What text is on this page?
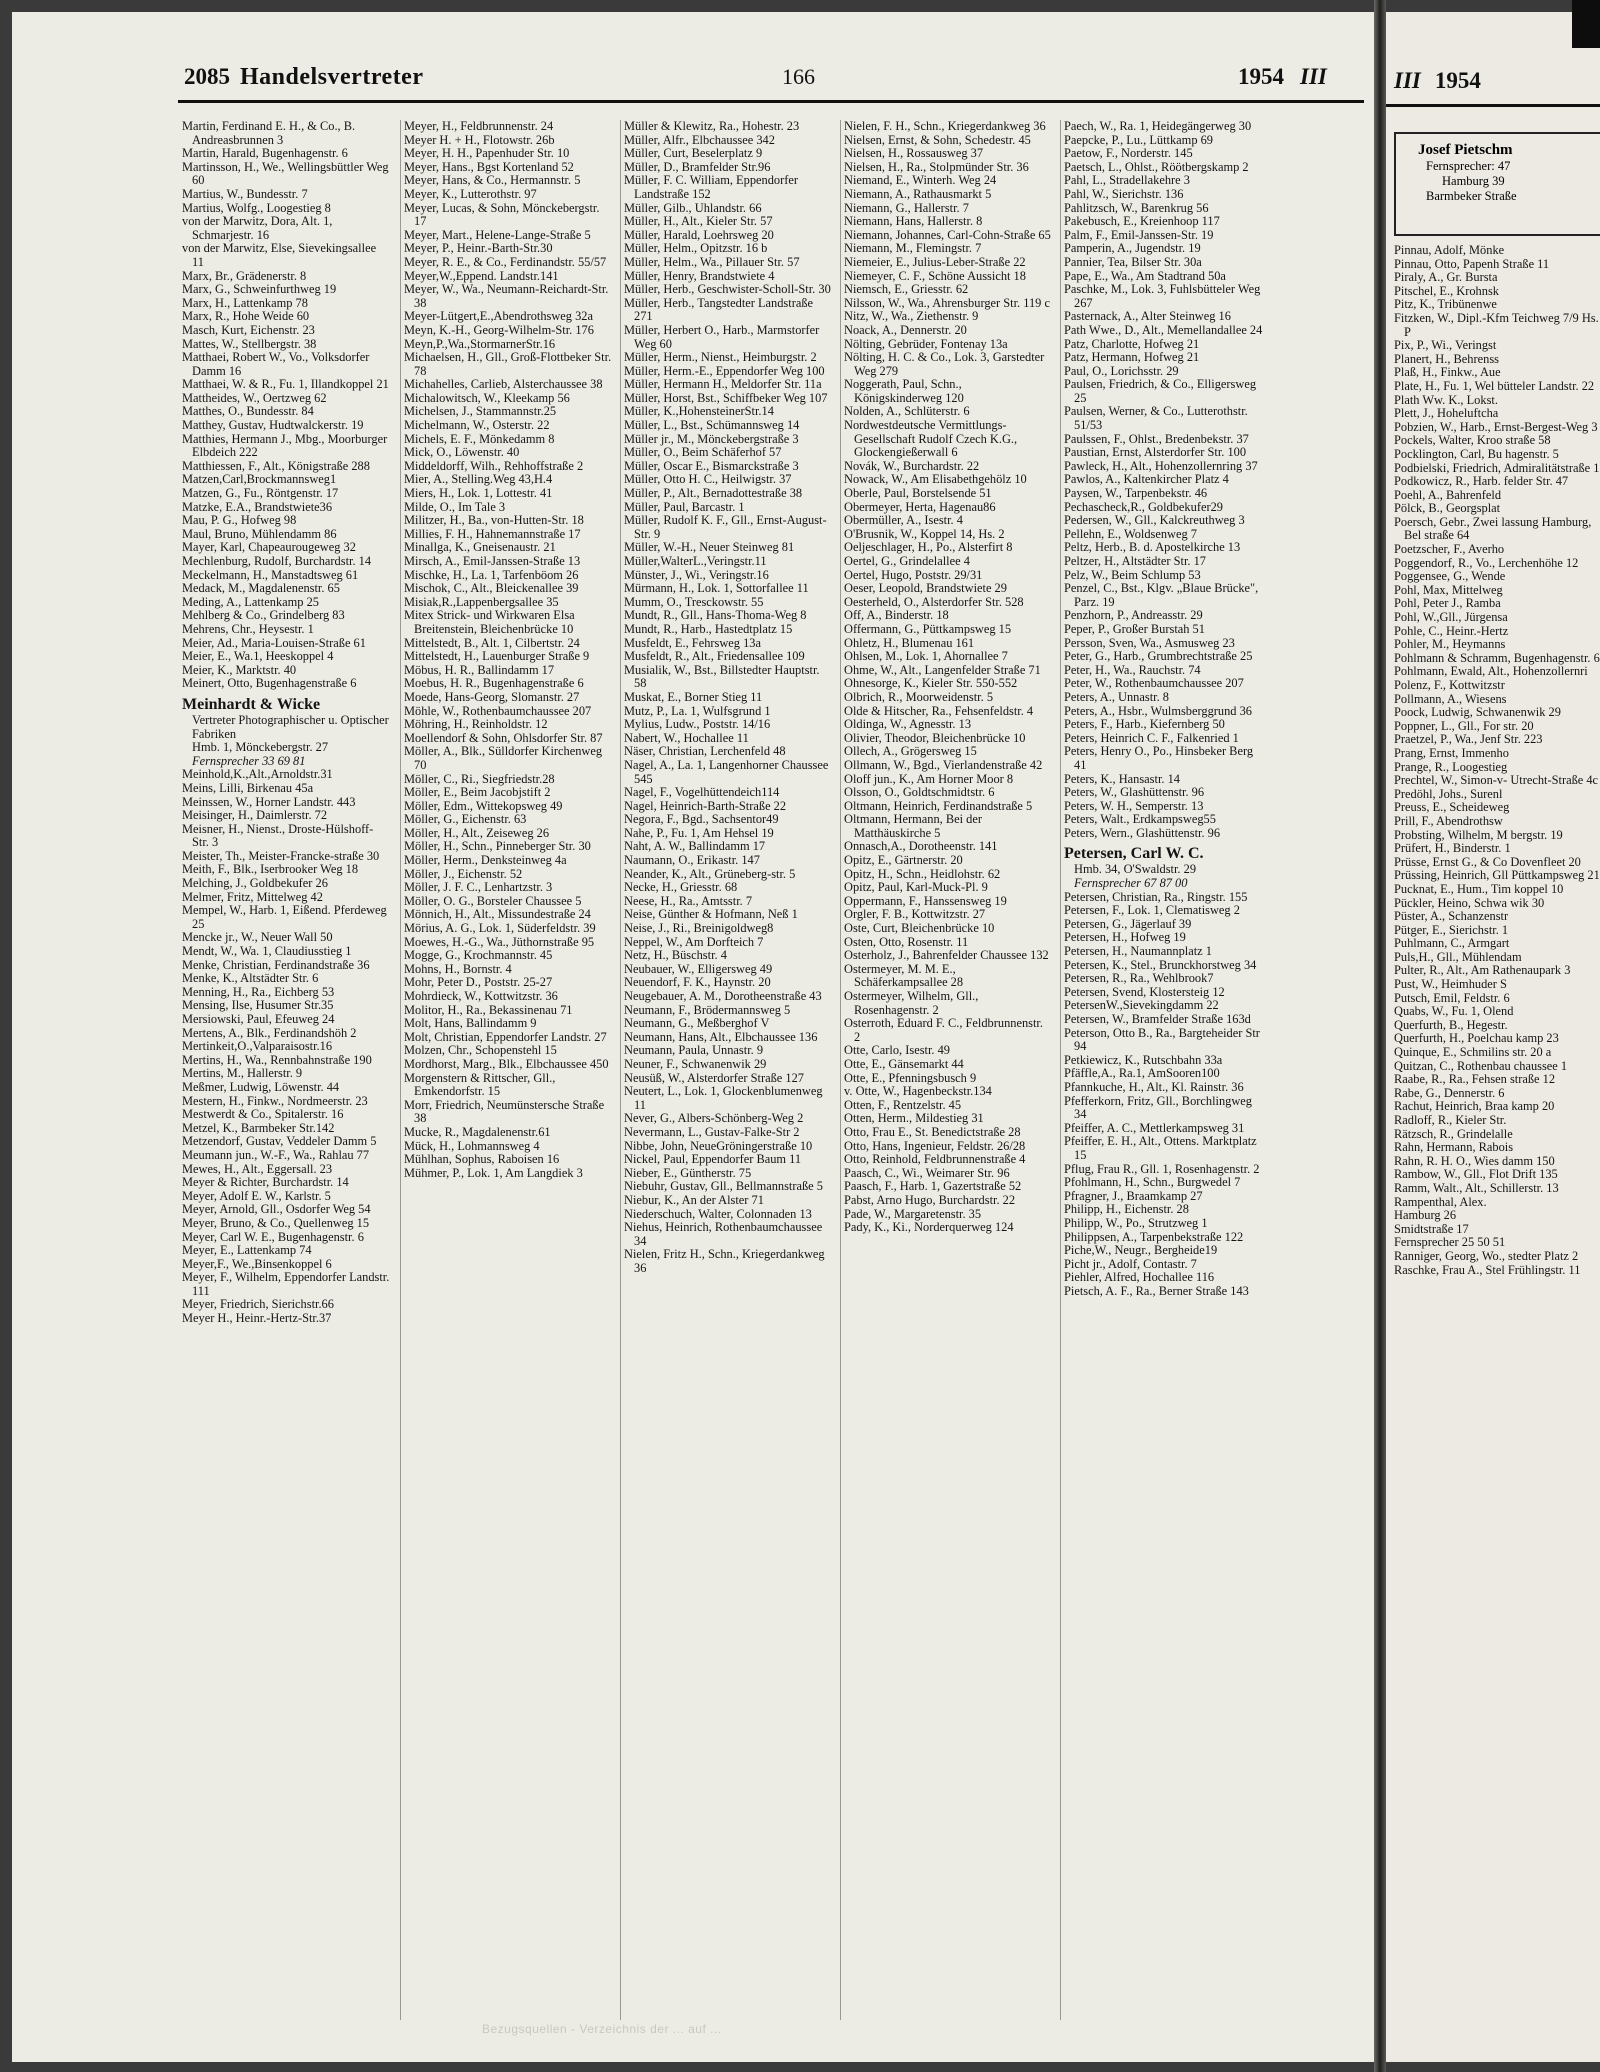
2085 Handelsvertreter	166	1954 III

Martin, Ferdinand E. H., & Co., B. Andreasbrunnen 3

Martin, Harald, Bugenhagenstr. 6

Martinsson, H., We., Wellingsbüttler Weg 60

Martius, W., Bundesstr. 7

Martius, Wolfg., Loogestieg 8

von der Marwitz, Dora, Alt. 1, Schmarjestr. 16

von der Marwitz, Else, Sievekingsallee 11

Marx, Br., Grädenerstr. 8

Marx, G., Schweinfurthweg 19

Marx, H., Lattenkamp 78

Marx, R., Hohe Weide 60

Masch, Kurt, Eichenstr. 23

Mattes, W., Stellbergstr. 38

Matthaei, Robert W., Vo., Volksdorfer Damm 16

Matthaei, W. & R., Fu. 1, Illandkoppel 21

Mattheides, W., Oertzweg 62

Matthes, O., Bundesstr. 84

Matthey, Gustav, Hudtwalckerstr. 19

Matthies, Hermann J., Mbg., Moorburger Elbdeich 222

Matthiessen, F., Alt., Königstraße 288

Matzen,Carl,Brockmannsweg1

Matzen, G., Fu., Röntgenstr. 17

Matzke, E.A., Brandstwiete36

Mau, P. G., Hofweg 98

Maul, Bruno, Mühlendamm 86

Mayer, Karl, Chapeaurougeweg 32

Mechlenburg, Rudolf, Burchardstr. 14

Meckelmann, H., Manstadtsweg 61

Medack, M., Magdalenenstr. 65

Meding, A., Lattenkamp 25

Mehlberg & Co., Grindelberg 83

Mehrens, Chr., Heysestr. 1

Meier, Ad., Maria-Louisen-Straße 61

Meier, E., Wa.1, Heeskoppel 4

Meier, K., Marktstr. 40

Meinert, Otto, Bugenhagenstraße 6

Meinhardt & Wicke

Vertreter Photographischer u. Optischer Fabriken

Hmb. 1, Mönckebergstr. 27

Fernsprecher 33 69 81

Meinhold,K.,Alt.,Arnoldstr.31

Meins, Lilli, Birkenau 45a

Meinssen, W., Horner Landstr. 443

Meisinger, H., Daimlerstr. 72

Meisner, H., Nienst., Droste-Hülshoff-Str. 3

Meister, Th., Meister-Francke-straße 30

Meith, F., Blk., Iserbrooker Weg 18

Melching, J., Goldbekufer 26

Melmer, Fritz, Mittelweg 42

Mempel, W., Harb. 1, Eißend. Pferdeweg 25

Mencke jr., W., Neuer Wall 50

Mendt, W., Wa. 1, Claudiusstieg 1

Menke, Christian, Ferdinandstraße 36

Menke, K., Altstädter Str. 6

Menning, H., Ra., Eichberg 53

Mensing, Ilse, Husumer Str.35

Mersiowski, Paul, Efeuweg 24

Mertens, A., Blk., Ferdinandshöh 2

Mertinkeit,O.,Valparaisostr.16

Mertins, H., Wa., Rennbahnstraße 190

Mertins, M., Hallerstr. 9

Meßmer, Ludwig, Löwenstr. 44

Mestern, H., Finkw., Nordmeerstr. 23

Mestwerdt & Co., Spitalerstr. 16

Metzel, K., Barmbeker Str.142

Metzendorf, Gustav, Veddeler Damm 5

Meumann jun., W.-F., Wa., Rahlau 77

Mewes, H., Alt., Eggersall. 23

Meyer & Richter, Burchardstr. 14

Meyer, Adolf E. W., Karlstr. 5

Meyer, Arnold, Gll., Osdorfer Weg 54

Meyer, Bruno, & Co., Quellenweg 15

Meyer, Carl W. E., Bugenhagenstr. 6

Meyer, E., Lattenkamp 74

Meyer,F., We.,Binsenkoppel 6

Meyer, F., Wilhelm, Eppendorfer Landstr. 111

Meyer, Friedrich, Sierichstr.66

Meyer H., Heinr.-Hertz-Str.37

Meyer, H., Feldbrunnenstr. 24

Meyer H. + H., Flotowstr. 26b

Meyer, H. H., Papenhuder Str. 10

Meyer, Hans., Bgst Kortenland 52

Meyer, Hans, & Co., Hermannstr. 5

Meyer, K., Lutterothstr. 97

Meyer, Lucas, & Sohn, Mönckebergstr. 17

Meyer, Mart., Helene-Lange-Straße 5

Meyer, P., Heinr.-Barth-Str.30

Meyer, R. E., & Co., Ferdinandstr. 55/57

Meyer,W.,Eppend. Landstr.141

Meyer, W., Wa., Neumann-Reichardt-Str. 38

Meyer-Lütgert,E.,Abendrothsweg 32a

Meyn, K.-H., Georg-Wilhelm-Str. 176

Meyn,P.,Wa.,StormarnerStr.16

Michaelsen, H., Gll., Groß-Flottbeker Str. 78

Michahelles, Carlieb, Alsterchaussee 38

Michalowitsch, W., Kleekamp 56

Michelsen, J., Stammannstr.25

Michelmann, W., Osterstr. 22

Michels, E. F., Mönkedamm 8

Mick, O., Löwenstr. 40

Middeldorff, Wilh., Rehhoffstraße 2

Mier, A., Stelling.Weg 43,H.4

Miers, H., Lok. 1, Lottestr. 41

Milde, O., Im Tale 3

Militzer, H., Ba., von-Hutten-Str. 18

Millies, F. H., Hahnemannstraße 17

Minallga, K., Gneisenaustr. 21

Mirsch, A., Emil-Janssen-Straße 13

Mischke, H., La. 1, Tarfenböom 26

Mischok, C., Alt., Bleickenallee 39

Misiak,R.,Lappenbergsallee 35

Mitex Strick- und Wirkwaren Elsa Breitenstein, Bleichenbrücke 10

Mittelstedt, B., Alt. 1, Cilbertstr. 24

Mittelstedt, H., Lauenburger Straße 9

Möbus, H. R., Ballindamm 17

Moebus, H. R., Bugenhagenstraße 6

Moede, Hans-Georg, Slomanstr. 27

Möhle, W., Rothenbaumchaussee 207

Möhring, H., Reinholdstr. 12

Moellendorf & Sohn, Ohlsdorfer Str. 87

Möller, A., Blk., Sülldorfer Kirchenweg 70

Möller, C., Ri., Siegfriedstr.28

Möller, E., Beim Jacobjstift 2

Möller, Edm., Wittekopsweg 49

Möller, G., Eichenstr. 63

Möller, H., Alt., Zeiseweg 26

Möller, H., Schn., Pinneberger Str. 30

Möller, Herm., Denksteinweg 4a

Möller, J., Eichenstr. 52

Möller, J. F. C., Lenhartzstr. 3

Möller, O. G., Borsteler Chaussee 5

Mönnich, H., Alt., Missundestraße 24

Mörius, A. G., Lok. 1, Süderfeldstr. 39

Moewes, H.-G., Wa., Jüthornstraße 95

Mogge, G., Krochmannstr. 45

Mohns, H., Bornstr. 4

Mohr, Peter D., Poststr. 25-27

Mohrdieck, W., Kottwitzstr. 36

Molitor, H., Ra., Bekassinenau 71

Molt, Hans, Ballindamm 9

Molt, Christian, Eppendorfer Landstr. 27

Molzen, Chr., Schopenstehl 15

Mordhorst, Marg., Blk., Elbchaussee 450

Morgenstern & Rittscher, Gll., Emkendorfstr. 15

Morr, Friedrich, Neumünstersche Straße 38

Mucke, R., Magdalenenstr.61

Mück, H., Lohmannsweg 4

Mühlhan, Sophus, Raboisen 16

Mühmer, P., Lok. 1, Am Langdiek 3

Müller & Klewitz, Ra., Hohestr. 23

Müller, Alfr., Elbchaussee 342

Müller, Curt, Beselerplatz 9

Müller, D., Bramfelder Str.96

Müller, F. C. William, Eppendorfer Landstraße 152

Müller, Gilb., Uhlandstr. 66

Müller, H., Alt., Kieler Str. 57

Müller, Harald, Loehrsweg 20

Müller, Helm., Opitzstr. 16 b

Müller, Helm., Wa., Pillauer Str. 57

Müller, Henry, Brandstwiete 4

Müller, Herb., Geschwister-Scholl-Str. 30

Müller, Herb., Tangstedter Landstraße 271

Müller, Herbert O., Harb., Marmstorfer Weg 60

Müller, Herm., Nienst., Heimburgstr. 2

Müller, Herm.-E., Eppendorfer Weg 100

Müller, Hermann H., Meldorfer Str. 11a

Müller, Horst, Bst., Schiffbeker Weg 107

Müller, K.,HohensteinerStr.14

Müller, L., Bst., Schümannsweg 14

Müller jr., M., Mönckebergstraße 3

Müller, O., Beim Schäferhof 57

Müller, Oscar E., Bismarckstraße 3

Müller, Otto H. C., Heilwigstr. 37

Müller, P., Alt., Bernadottestraße 38

Müller, Paul, Barcastr. 1

Müller, Rudolf K. F., Gll., Ernst-August-Str. 9

Müller, W.-H., Neuer Steinweg 81

Müller,WalterL.,Veringstr.11

Münster, J., Wi., Veringstr.16

Mürmann, H., Lok. 1, Sottorfallee 11

Mumm, O., Tresckowstr. 55

Mundt, R., Gll., Hans-Thoma-Weg 8

Mundt, R., Harb., Hastedtplatz 15

Musfeldt, E., Fehrsweg 13a

Musfeldt, R., Alt., Friedensallee 109

Musialik, W., Bst., Billstedter Hauptstr. 58

Muskat, E., Borner Stieg 11

Mutz, P., La. 1, Wulfsgrund 1

Mylius, Ludw., Poststr. 14/16

Nabert, W., Hochallee 11

Näser, Christian, Lerchenfeld 48

Nagel, A., La. 1, Langenhorner Chaussee 545

Nagel, F., Vogelhüttendeich114

Nagel, Heinrich-Barth-Straße 22

Negora, F., Bgd., Sachsentor49

Nahe, P., Fu. 1, Am Hehsel 19

Naht, A. W., Ballindamm 17

Naumann, O., Erikastr. 147

Neander, K., Alt., Grüneberg-str. 5

Necke, H., Griesstr. 68

Neese, H., Ra., Amtsstr. 7

Neise, Günther & Hofmann, Neß 1

Neise, J., Ri., Breinigoldweg8

Neppel, W., Am Dorfteich 7

Netz, H., Büschstr. 4

Neubauer, W., Elligersweg 49

Neuendorf, F. K., Haynstr. 20

Neugebauer, A. M., Dorotheenstraße 43

Neumann, F., Brödermannsweg 5

Neumann, G., Meßberghof V

Neumann, Hans, Alt., Elbchaussee 136

Neumann, Paula, Unnastr. 9

Neuner, F., Schwanenwik 29

Neusüß, W., Alsterdorfer Straße 127

Neutert, L., Lok. 1, Glockenblumenweg 11

Never, G., Albers-Schönberg-Weg 2

Nevermann, L., Gustav-Falke-Str 2

Nibbe, John, NeueGröningerstraße 10

Nickel, Paul, Eppendorfer Baum 11

Nieber, E., Güntherstr. 75

Niebuhr, Gustav, Gll., Bellmannstraße 5

Niebur, K., An der Alster 71

Niederschuch, Walter, Colonnaden 13

Niehus, Heinrich, Rothenbaumchaussee 34

Nielen, Fritz H., Schn., Kriegerdankweg 36

Nielen, F. H., Schn., Kriegerdankweg 36

Nielsen, Ernst, & Sohn, Schedestr. 45

Nielsen, H., Rossausweg 37

Nielsen, H., Ra., Stolpmünder Str. 36

Niemand, E., Winterh. Weg 24

Niemann, A., Rathausmarkt 5

Niemann, G., Hallerstr. 7

Niemann, Hans, Hallerstr. 8

Niemann, Johannes, Carl-Cohn-Straße 65

Niemann, M., Flemingstr. 7

Niemeier, E., Julius-Leber-Straße 22

Niemeyer, C. F., Schöne Aussicht 18

Niemsch, E., Griesstr. 62

Nilsson, W., Wa., Ahrensburger Str. 119 c

Nitz, W., Wa., Ziethenstr. 9

Noack, A., Dennerstr. 20

Nölting, Gebrüder, Fontenay 13a

Nölting, H. C. & Co., Lok. 3, Garstedter Weg 279

Noggerath, Paul, Schn., Königskinderweg 120

Nolden, A., Schlüterstr. 6

Nordwestdeutsche Vermittlungs-Gesellschaft Rudolf Czech K.G., Glockengießerwall 6

Novák, W., Burchardstr. 22

Nowack, W., Am Elisabethgehölz 10

Oberle, Paul, Borstelsende 51

Obermeyer, Herta, Hagenau86

Obermüller, A., Isestr. 4

O'Brusnik, W., Koppel 14, Hs. 2

Oeljeschlager, H., Po., Alsterfirt 8

Oertel, G., Grindelallee 4

Oertel, Hugo, Poststr. 29/31

Oeser, Leopold, Brandstwiete 29

Oesterheld, O., Alsterdorfer Str. 528

Off, A., Binderstr. 18

Offermann, G., Püttkampsweg 15

Ohletz, H., Blumenau 161

Ohlsen, M., Lok. 1, Ahornallee 7

Ohme, W., Alt., Langenfelder Straße 71

Ohnesorge, K., Kieler Str. 550-552

Olbrich, R., Moorweidenstr. 5

Olde & Hitscher, Ra., Fehsenfeldstr. 4

Oldinga, W., Agnesstr. 13

Olivier, Theodor, Bleichenbrücke 10

Ollech, A., Grögersweg 15

Ollmann, W., Bgd., Vierlandenstraße 42

Oloff jun., K., Am Horner Moor 8

Olsson, O., Goldtschmidtstr. 6

Oltmann, Heinrich, Ferdinandstraße 5

Oltmann, Hermann, Bei der Matthäuskirche 5

Onnasch,A., Dorotheenstr. 141

Opitz, E., Gärtnerstr. 20

Opitz, H., Schn., Heidlohstr. 62

Opitz, Paul, Karl-Muck-Pl. 9

Oppermann, F., Hanssensweg 19

Orgler, F. B., Kottwitzstr. 27

Oste, Curt, Bleichenbrücke 10

Osten, Otto, Rosenstr. 11

Osterholz, J., Bahrenfelder Chaussee 132

Ostermeyer, M. M. E., Schäferkampsallee 28

Ostermeyer, Wilhelm, Gll., Rosenhagenstr. 2

Osterroth, Eduard F. C., Feldbrunnenstr. 2

Otte, Carlo, Isestr. 49

Otte, E., Gänsemarkt 44

Otte, E., Pfenningsbusch 9

v. Otte, W., Hagenbeckstr.134

Otten, F., Rentzelstr. 45

Otten, Herm., Mildestieg 31

Otto, Frau E., St. Benedictstraße 28

Otto, Hans, Ingenieur, Feldstr. 26/28

Otto, Reinhold, Feldbrunnenstraße 4

Paasch, C., Wi., Weimarer Str. 96

Paasch, F., Harb. 1, Gazertstraße 52

Pabst, Arno Hugo, Burchardstr. 22

Pade, W., Margaretenstr. 35

Pady, K., Ki., Norderquerweg 124

Paech, W., Ra. 1, Heidegängerweg 30

Paepcke, P., Lu., Lüttkamp 69

Paetow, F., Norderstr. 145

Paetsch, L., Ohlst., Röötbergskamp 2

Pahl, L., Stradellakehre 3

Pahl, W., Sierichstr. 136

Pahlitzsch, W., Barenkrug 56

Pakebusch, E., Kreienhoop 117

Palm, F., Emil-Janssen-Str. 19

Pamperin, A., Jugendstr. 19

Pannier, Tea, Bilser Str. 30a

Pape, E., Wa., Am Stadtrand 50a

Paschke, M., Lok. 3, Fuhlsbütteler Weg 267

Pasternack, A., Alter Steinweg 16

Path Wwe., D., Alt., Memellandallee 24

Patz, Charlotte, Hofweg 21

Patz, Hermann, Hofweg 21

Paul, O., Lorichsstr. 29

Paulsen, Friedrich, & Co., Elligersweg 25

Paulsen, Werner, & Co., Lutterothstr. 51/53

Paulssen, F., Ohlst., Bredenbekstr. 37

Paustian, Ernst, Alsterdorfer Str. 100

Pawleck, H., Alt., Hohenzollernring 37

Pawlos, A., Kaltenkircher Platz 4

Paysen, W., Tarpenbekstr. 46

Pechascheck,R., Goldbekufer29

Pedersen, W., Gll., Kalckreuthweg 3

Pellehn, E., Woldsenweg 7

Peltz, Herb., B. d. Apostelkirche 13

Peltzer, H., Altstädter Str. 17

Pelz, W., Beim Schlump 53

Penzel, C., Bst., Klgv. „Blaue Brücke", Parz. 19

Penzhorn, P., Andreasstr. 29

Peper, P., Großer Burstah 51

Persson, Sven, Wa., Asmusweg 23

Peter, G., Harb., Grumbrechtstraße 25

Peter, H., Wa., Rauchstr. 74

Peter, W., Rothenbaumchaussee 207

Peters, A., Unnastr. 8

Peters, A., Hsbr., Wulmsberggrund 36

Peters, F., Harb., Kiefernberg 50

Peters, Heinrich C. F., Falkenried 1

Peters, Henry O., Po., Hinsbeker Berg 41

Peters, K., Hansastr. 14

Peters, W., Glashüttenstr. 96

Peters, W. H., Semperstr. 13

Peters, Walt., Erdkampsweg55

Peters, Wern., Glashüttenstr. 96

Petersen, Carl W. C.

Hmb. 34, O'Swaldstr. 29

Fernsprecher 67 87 00

Petersen, Christian, Ra., Ringstr. 155

Petersen, F., Lok. 1, Clematisweg 2

Petersen, G., Jägerlauf 39

Petersen, H., Hofweg 19

Petersen, H., Naumannplatz 1

Petersen, K., Stel., Brunckhorstweg 34

Petersen, R., Ra., Wehlbrook7

Petersen, Svend, Klostersteig 12

PetersenW.,Sievekingdamm 22

Petersen, W., Bramfelder Straße 163d

Peterson, Otto B., Ra., Bargteheider Str 94

Petkiewicz, K., Rutschbahn 33a

Pfäffle,A., Ra.1, AmSooren100

Pfannkuche, H., Alt., Kl. Rainstr. 36

Pfefferkorn, Fritz, Gll., Borchlingweg 34

Pfeiffer, A. C., Mettlerkampsweg 31

Pfeiffer, E. H., Alt., Ottens. Marktplatz 15

Pflug, Frau R., Gll. 1, Rosenhagenstr. 2

Pfohlmann, H., Schn., Burgwedel 7

Pfragner, J., Braamkamp 27

Philipp, H., Eichenstr. 28

Philipp, W., Po., Strutzweg 1

Philippsen, A., Tarpenbekstraße 122

Piche,W., Neugr., Bergheide19

Picht jr., Adolf, Contastr. 7

Piehler, Alfred, Hochallee 116

Pietsch, A. F., Ra., Berner Straße 143

Bezugsquellen - Verzeichnis der ... auf ...
III 1954
Josef Pietschm
Fernsprecher: 47
Hamburg 39
Barmbeker Straße

Pinnau, Adolf, Mönke

Pinnau, Otto, Papenh Straße 11

Piraly, A., Gr. Bursta

Pitschel, E., Krohnsk

Pitz, K., Tribünenwe

Fitzken, W., Dipl.-Kfm Teichweg 7/9 Hs. P

Pix, P., Wi., Veringst

Planert, H., Behrenss

Plaß, H., Finkw., Aue

Plate, H., Fu. 1, Wel bütteler Landstr. 22

Plath Ww. K., Lokst.

Plett, J., Hoheluftcha

Pobzien, W., Harb., Ernst-Bergest-Weg 3

Pockels, Walter, Kroo straße 58

Pocklington, Carl, Bu hagenstr. 5

Podbielski, Friedrich, Admiralitätstraße 1

Podkowicz, R., Harb. felder Str. 47

Poehl, A., Bahrenfeld

Pölck, B., Georgsplat

Poersch, Gebr., Zwei lassung Hamburg, Bel straße 64

Poetzscher, F., Averho

Poggendorf, R., Vo., Lerchenhöhe 12

Poggensee, G., Wende

Pohl, Max, Mittelweg

Pohl, Peter J., Ramba

Pohl, W.,Gll., Jürgensa

Pohle, C., Heinr.-Hertz

Pohler, M., Heymanns

Pohlmann & Schramm, Bugenhagenstr. 6

Pohlmann, Ewald, Alt., Hohenzollernri

Polenz, F., Kottwitzstr

Pollmann, A., Wiesens

Poock, Ludwig, Schwanenwik 29

Poppner, L., Gll., For str. 20

Praetzel, P., Wa., Jenf Str. 223

Prang, Ernst, Immenho

Prange, R., Loogestieg

Prechtel, W., Simon-v- Utrecht-Straße 4c

Predöhl, Johs., Surenl

Preuss, E., Scheideweg

Prill, F., Abendrothsw

Probsting, Wilhelm, M bergstr. 19

Prüfert, H., Binderstr. 1

Prüsse, Ernst G., & Co Dovenfleet 20

Prüssing, Heinrich, Gll Püttkampsweg 21

Pucknat, E., Hum., Tim koppel 10

Pückler, Heino, Schwa wik 30

Püster, A., Schanzenstr

Pütger, E., Sierichstr. 1

Puhlmann, C., Armgart

Puls,H., Gll., Mühlendam

Pulter, R., Alt., Am Rathenaupark 3

Pust, W., Heimhuder S

Putsch, Emil, Feldstr. 6

Quabs, W., Fu. 1, Olend

Querfurth, B., Hegestr.

Querfurth, H., Poelchau kamp 23

Quinque, E., Schmilins str. 20 a

Quitzan, C., Rothenbau chaussee 1

Raabe, R., Ra., Fehsen straße 12

Rabe, G., Dennerstr. 6

Rachut, Heinrich, Braa kamp 20

Radloff, R., Kieler Str.

Rätzsch, R., Grindelalle

Rahn, Hermann, Rabois

Rahn, R. H. O., Wies damm 150

Rambow, W., Gll., Flot Drift 135

Ramm, Walt., Alt., Schillerstr. 13

Rampenthal, Alex.

Hamburg 26

Smidtstraße 17

Fernsprecher 25 50 51

Ranniger, Georg, Wo., stedter Platz 2

Raschke, Frau A., Stel Frühlingstr. 11
